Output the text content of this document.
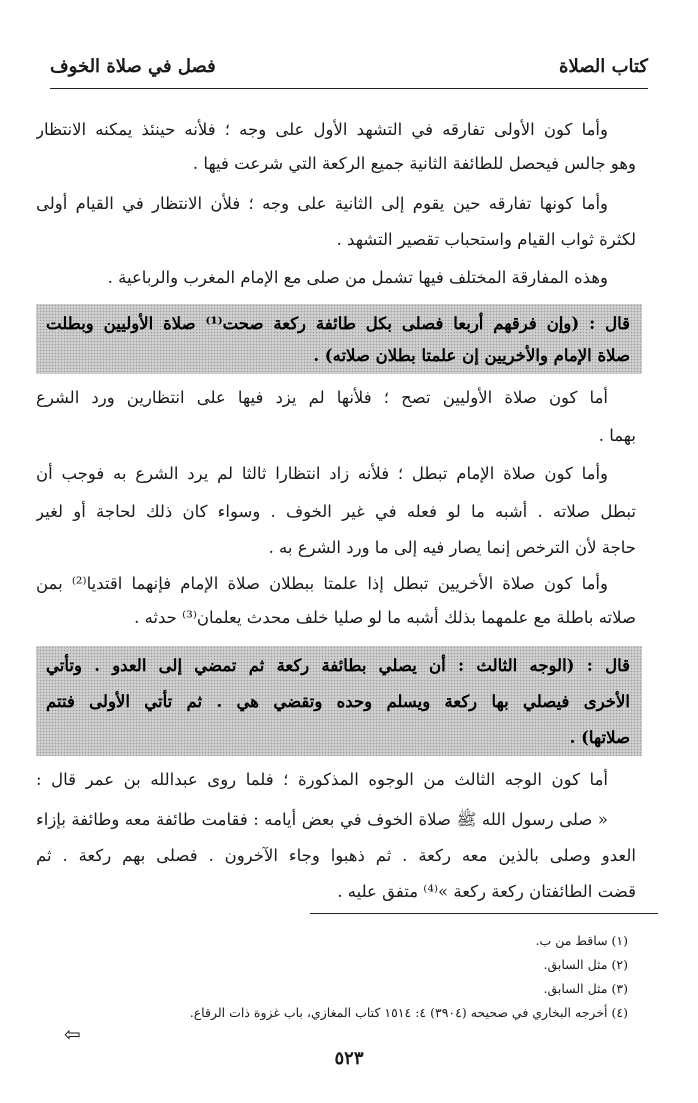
كتاب الصلاة
فصل في صلاة الخوف
وأما كون الأولى تفارقه في التشهد الأول على وجه ؛ فلأنه حينئذ يمكنه الانتظار
وهو جالس فيحصل للطائفة الثانية جميع الركعة التي شرعت فيها .
وأما كونها تفارقه حين يقوم إلى الثانية على وجه ؛ فلأن الانتظار في القيام أولى
لكثرة ثواب القيام واستحباب تقصير التشهد .
وهذه المفارقة المختلف فيها تشمل من صلى مع الإمام المغرب والرباعية .
قال : (وإن فرقهم أربعا فصلى بكل طائفة ركعة صحت⁽¹⁾ صلاة الأوليين وبطلت
صلاة الإمام والأخريين إن علمتا بطلان صلاته) .
أما كون صلاة الأوليين تصح ؛ فلأنها لم يزد فيها على انتظارين ورد الشرع
بهما .
وأما كون صلاة الإمام تبطل ؛ فلأنه زاد انتظارا ثالثا لم يرد الشرع به فوجب أن
تبطل صلاته . أشبه ما لو فعله في غير الخوف . وسواء كان ذلك لحاجة أو لغير
حاجة لأن الترخص إنما يصار فيه إلى ما ورد الشرع به .
وأما كون صلاة الأخريين تبطل إذا علمتا ببطلان صلاة الإمام فإنهما اقتديا⁽²⁾ بمن
صلاته باطلة مع علمهما بذلك أشبه ما لو صليا خلف محدث يعلمان⁽³⁾ حدثه .
قال : (الوجه الثالث : أن يصلي بطائفة ركعة ثم تمضي إلى العدو . وتأتي
الأخرى فيصلي بها ركعة ويسلم وحده وتقضي هي . ثم تأتي الأولى فتتم
صلاتها) .
أما كون الوجه الثالث من الوجوه المذكورة ؛ فلما روى عبدالله بن عمر قال :
« صلى رسول الله ﷺ صلاة الخوف في بعض أيامه : فقامت طائفة معه وطائفة بإزاء
العدو وصلى بالذين معه ركعة . ثم ذهبوا وجاء الآخرون . فصلى بهم ركعة . ثم
قضت الطائفتان ركعة ركعة »⁽⁴⁾ متفق عليه .
(١) ساقط من ب.
(٢) مثل السابق.
(٣) مثل السابق.
(٤) أخرجه البخاري في صحيحه (٣٩٠٤) ٤: ١٥١٤ كتاب المغازي، باب غزوة ذات الرقاع.
⇦
٥٢٣
